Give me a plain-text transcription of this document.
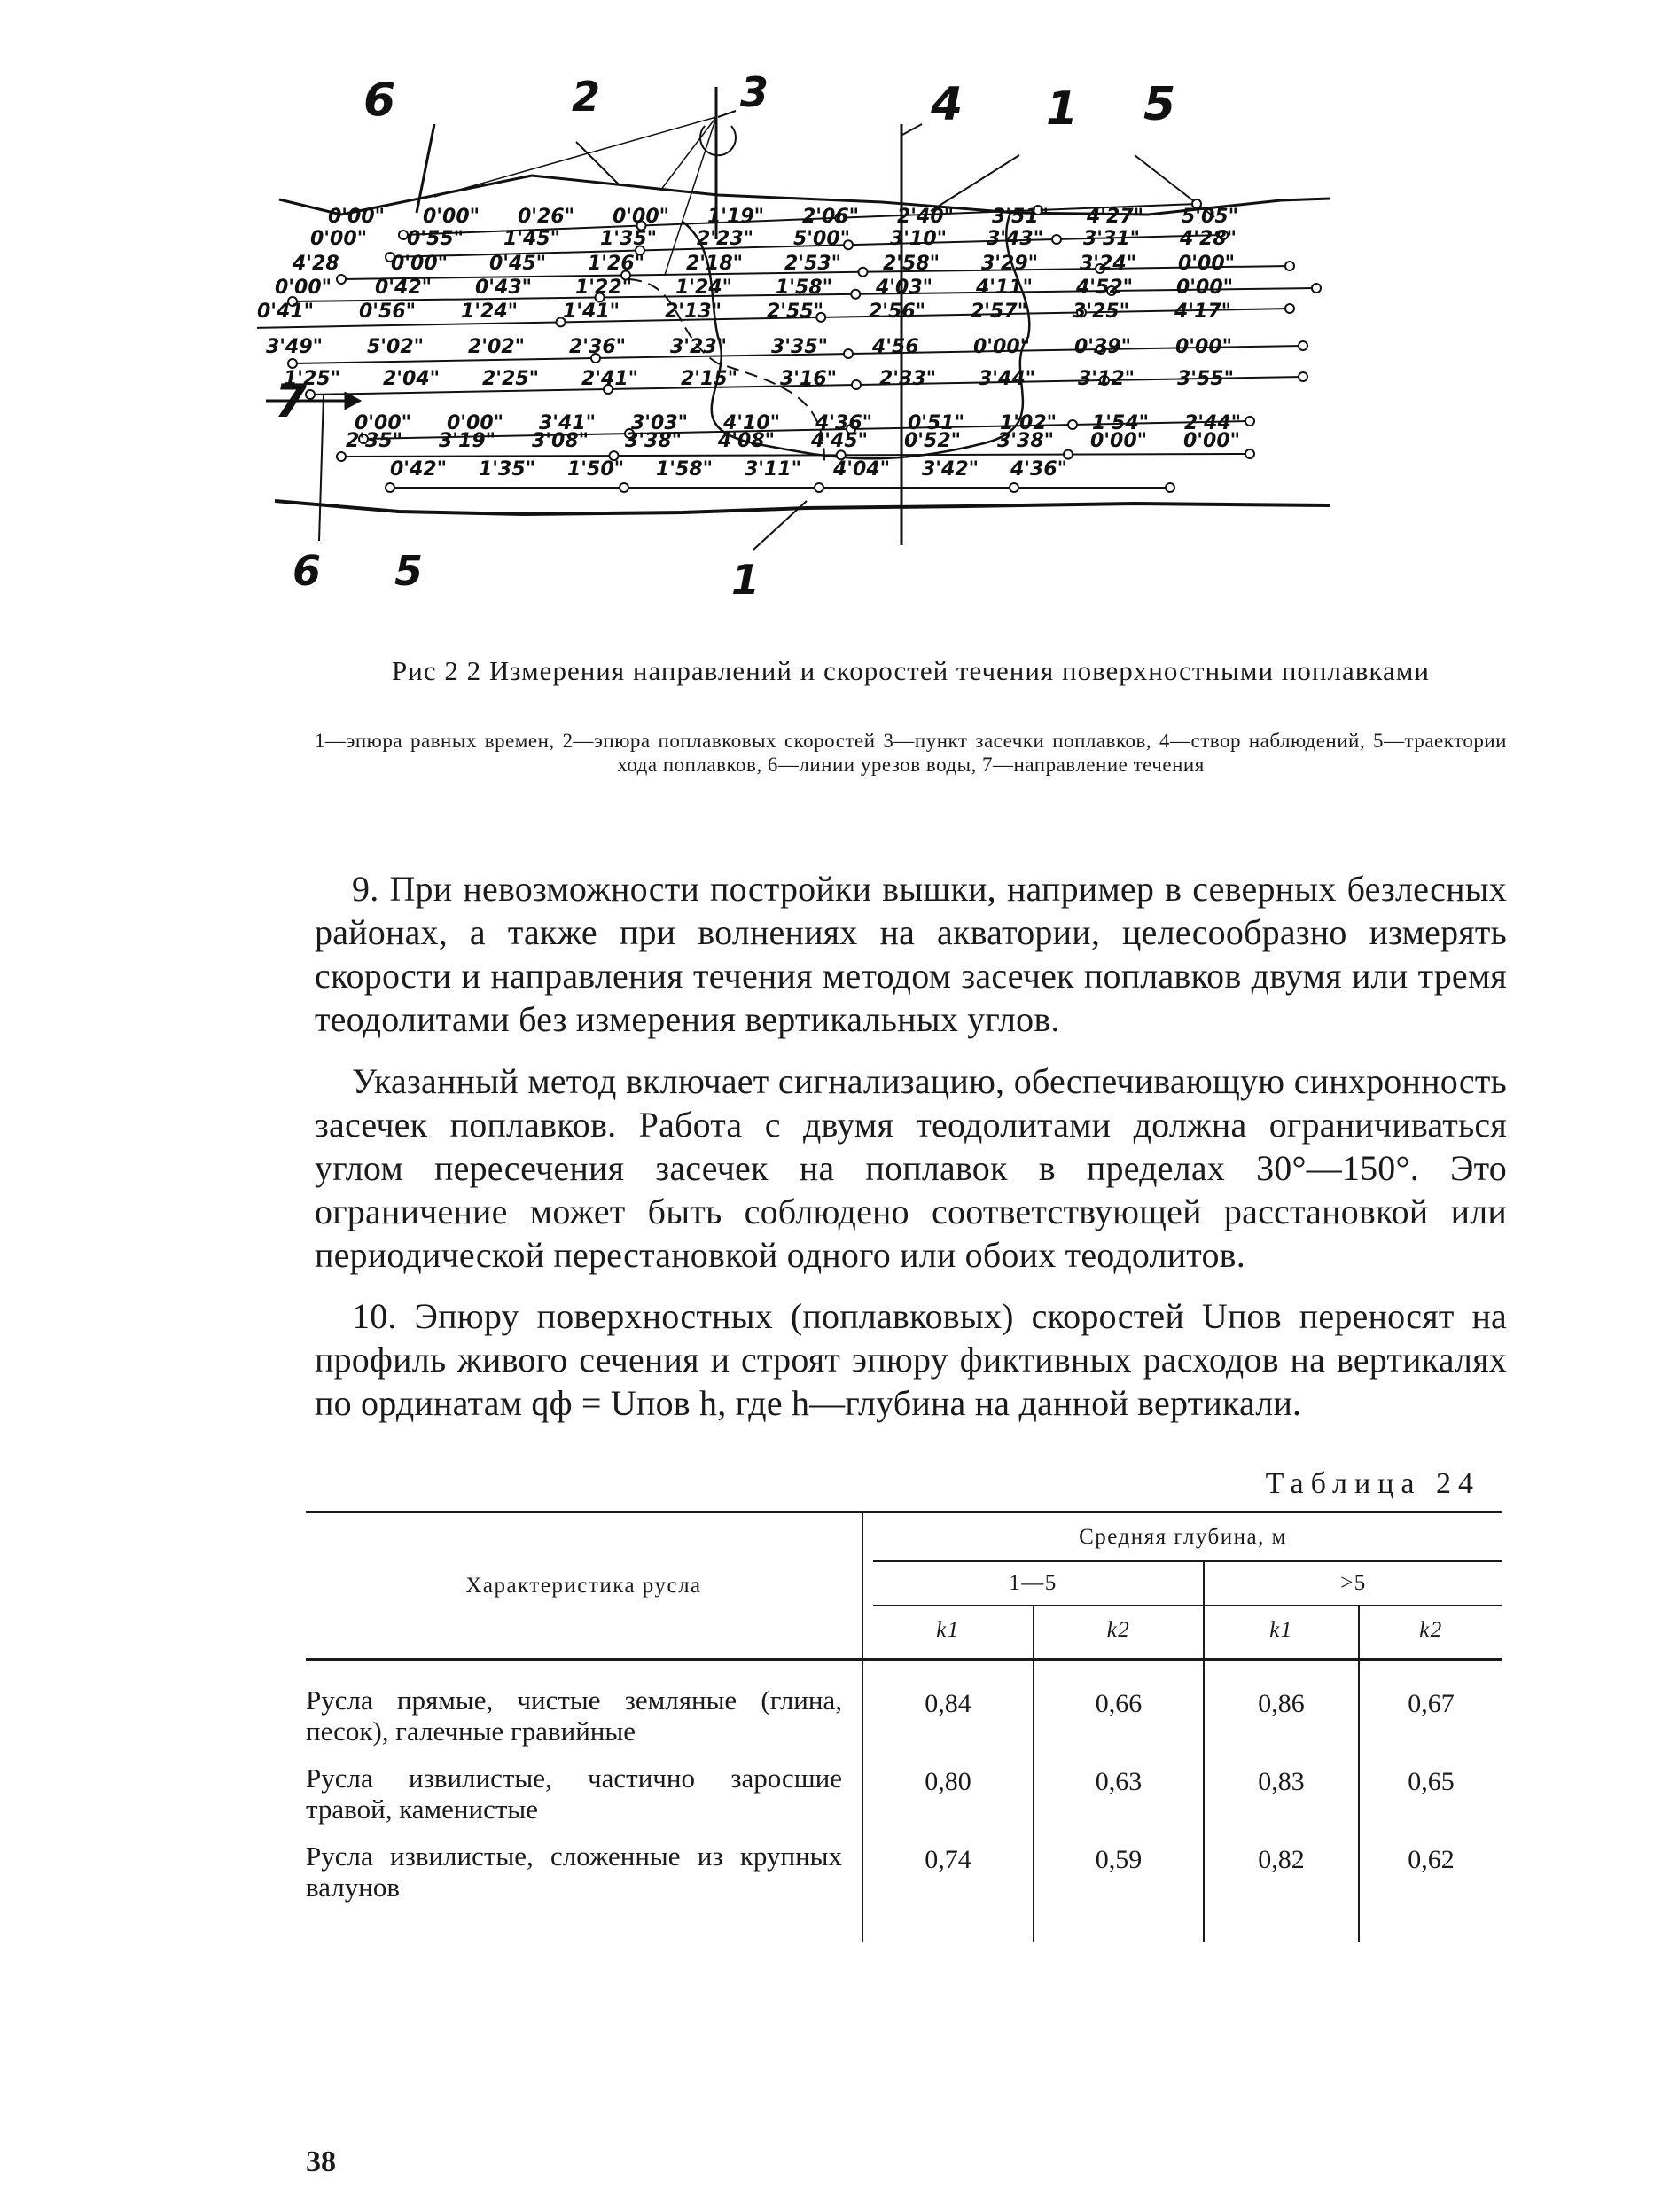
6	2	3	4 1 5
7
6 5	1
0'00" 0'00" 0'26" 0'00" 1'19" 2'06" 2'40" 3'51" 4'27" 5'05"
0'00" 0'55" 1'45" 1'35" 2'23" 5'00" 3'10" 3'43" 3'31" 4'28"
4'28	0'00" 0'45" 1'26" 2'18" 2'53" 2'58" 3'29" 3'24" 0'00"
0'00" 0'42" 0'43" 1'22" 1'24" 1'58" 4'03" 4'11" 4'52" 0'00"
0'41" 0'56" 1'24" 1'41" 2'13" 2'55" 2'56" 2'57" 3'25" 4'17"
3'49" 5'02" 2'02" 2'36" 3'23" 3'35" 4'56	0'00" 0'39" 0'00"
1'25" 2'04" 2'25" 2'41" 2'15" 3'16" 2'33" 3'44" 3'12" 3'55"
0'00" 0'00" 3'41" 3'03" 4'10" 4'36" 0'51" 1'02" 1'54" 2'44"
2'35" 3'19" 3'08" 3'38" 4'08" 4'45" 0'52" 3'38" 0'00" 0'00"
0'42" 1'35" 1'50" 1'58" 3'11" 4'04" 3'42" 4'36"
Рис 2 2 Измерения направлений и скоростей течения поверхностными поплавками
1—эпюра равных времен, 2—эпюра поплавковых скоростей 3—пункт засечки поплавков, 4—створ наблюдений, 5—траектории хода поплавков, 6—линии урезов воды, 7—направление течения
9. При невозможности постройки вышки, например в северных безлесных районах, а также при волнениях на акватории, целесообразно измерять скорости и направления течения методом засечек поплавков двумя или тремя теодолитами без измерения вертикальных углов.
Указанный метод включает сигнализацию, обеспечивающую синхронность засечек поплавков. Работа с двумя теодолитами должна ограничиваться углом пересечения засечек на поплавок в пределах 30°—150°. Это ограничение может быть соблюдено соответствующей расстановкой или периодической перестановкой одного или обоих теодолитов.
10. Эпюру поверхностных (поплавковых) скоростей Uпов переносят на профиль живого сечения и строят эпюру фиктивных расходов на вертикалях по ординатам qф = Uпов h, где h—глубина на данной вертикали.
Таблица 24
Характеристика русла
Средняя глубина, м
1—5	>5
k1	k2	k1	k2
Русла прямые, чистые земляные (глина, песок), галечные гравийные
0,84	0,66	0,86	0,67
Русла извилистые, частично заросшие травой, каменистые
0,80	0,63	0,83	0,65
Русла извилистые, сложенные из крупных валунов
0,74	0,59	0,82	0,62
38
